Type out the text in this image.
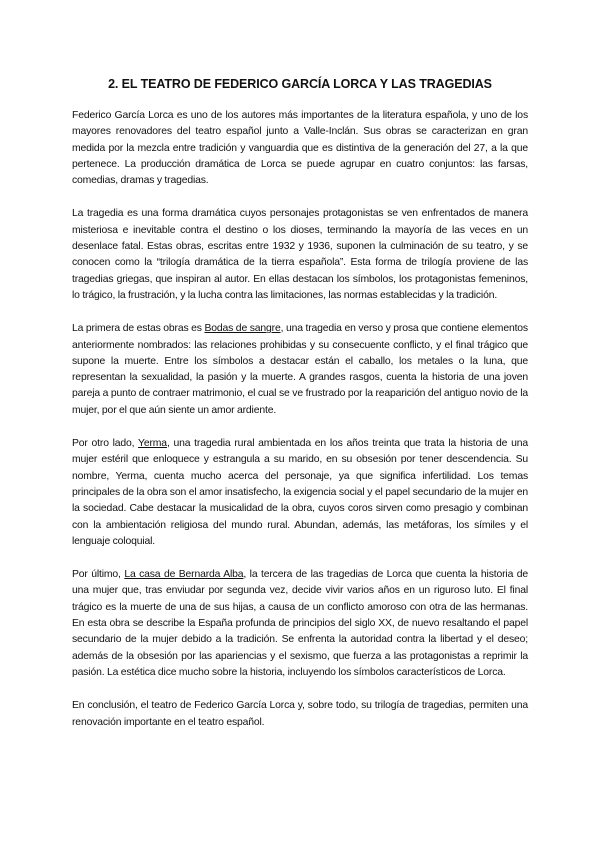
2. EL TEATRO DE FEDERICO GARCÍA LORCA Y LAS TRAGEDIAS

Federico García Lorca es uno de los autores más importantes de la literatura española, y uno de los mayores renovadores del teatro español junto a Valle-Inclán. Sus obras se caracterizan en gran medida por la mezcla entre tradición y vanguardia que es distintiva de la generación del 27, a la que pertenece. La producción dramática de Lorca se puede agrupar en cuatro conjuntos: las farsas, comedias, dramas y tragedias.

La tragedia es una forma dramática cuyos personajes protagonistas se ven enfrentados de manera misteriosa e inevitable contra el destino o los dioses, terminando la mayoría de las veces en un desenlace fatal. Estas obras, escritas entre 1932 y 1936, suponen la culminación de su teatro, y se conocen como la “trilogía dramática de la tierra española”. Esta forma de trilogía proviene de las tragedias griegas, que inspiran al autor. En ellas destacan los símbolos, los protagonistas femeninos, lo trágico, la frustración, y la lucha contra las limitaciones, las normas establecidas y la tradición.

La primera de estas obras es Bodas de sangre, una tragedia en verso y prosa que contiene elementos anteriormente nombrados: las relaciones prohibidas y su consecuente conflicto, y el final trágico que supone la muerte. Entre los símbolos a destacar están el caballo, los metales o la luna, que representan la sexualidad, la pasión y la muerte. A grandes rasgos, cuenta la historia de una joven pareja a punto de contraer matrimonio, el cual se ve frustrado por la reaparición del antiguo novio de la mujer, por el que aún siente un amor ardiente.

Por otro lado, Yerma, una tragedia rural ambientada en los años treinta que trata la historia de una mujer estéril que enloquece y estrangula a su marido, en su obsesión por tener descendencia. Su nombre, Yerma, cuenta mucho acerca del personaje, ya que significa infertilidad. Los temas principales de la obra son el amor insatisfecho, la exigencia social y el papel secundario de la mujer en la sociedad. Cabe destacar la musicalidad de la obra, cuyos coros sirven como presagio y combinan con la ambientación religiosa del mundo rural. Abundan, además, las metáforas, los símiles y el lenguaje coloquial.

Por último, La casa de Bernarda Alba, la tercera de las tragedias de Lorca que cuenta la historia de una mujer que, tras enviudar por segunda vez, decide vivir varios años en un riguroso luto. El final trágico es la muerte de una de sus hijas, a causa de un conflicto amoroso con otra de las hermanas. En esta obra se describe la España profunda de principios del siglo XX, de nuevo resaltando el papel secundario de la mujer debido a la tradición. Se enfrenta la autoridad contra la libertad y el deseo; además de la obsesión por las apariencias y el sexismo, que fuerza a las protagonistas a reprimir la pasión. La estética dice mucho sobre la historia, incluyendo los símbolos característicos de Lorca.

En conclusión, el teatro de Federico García Lorca y, sobre todo, su trilogía de tragedias, permiten una renovación importante en el teatro español.
